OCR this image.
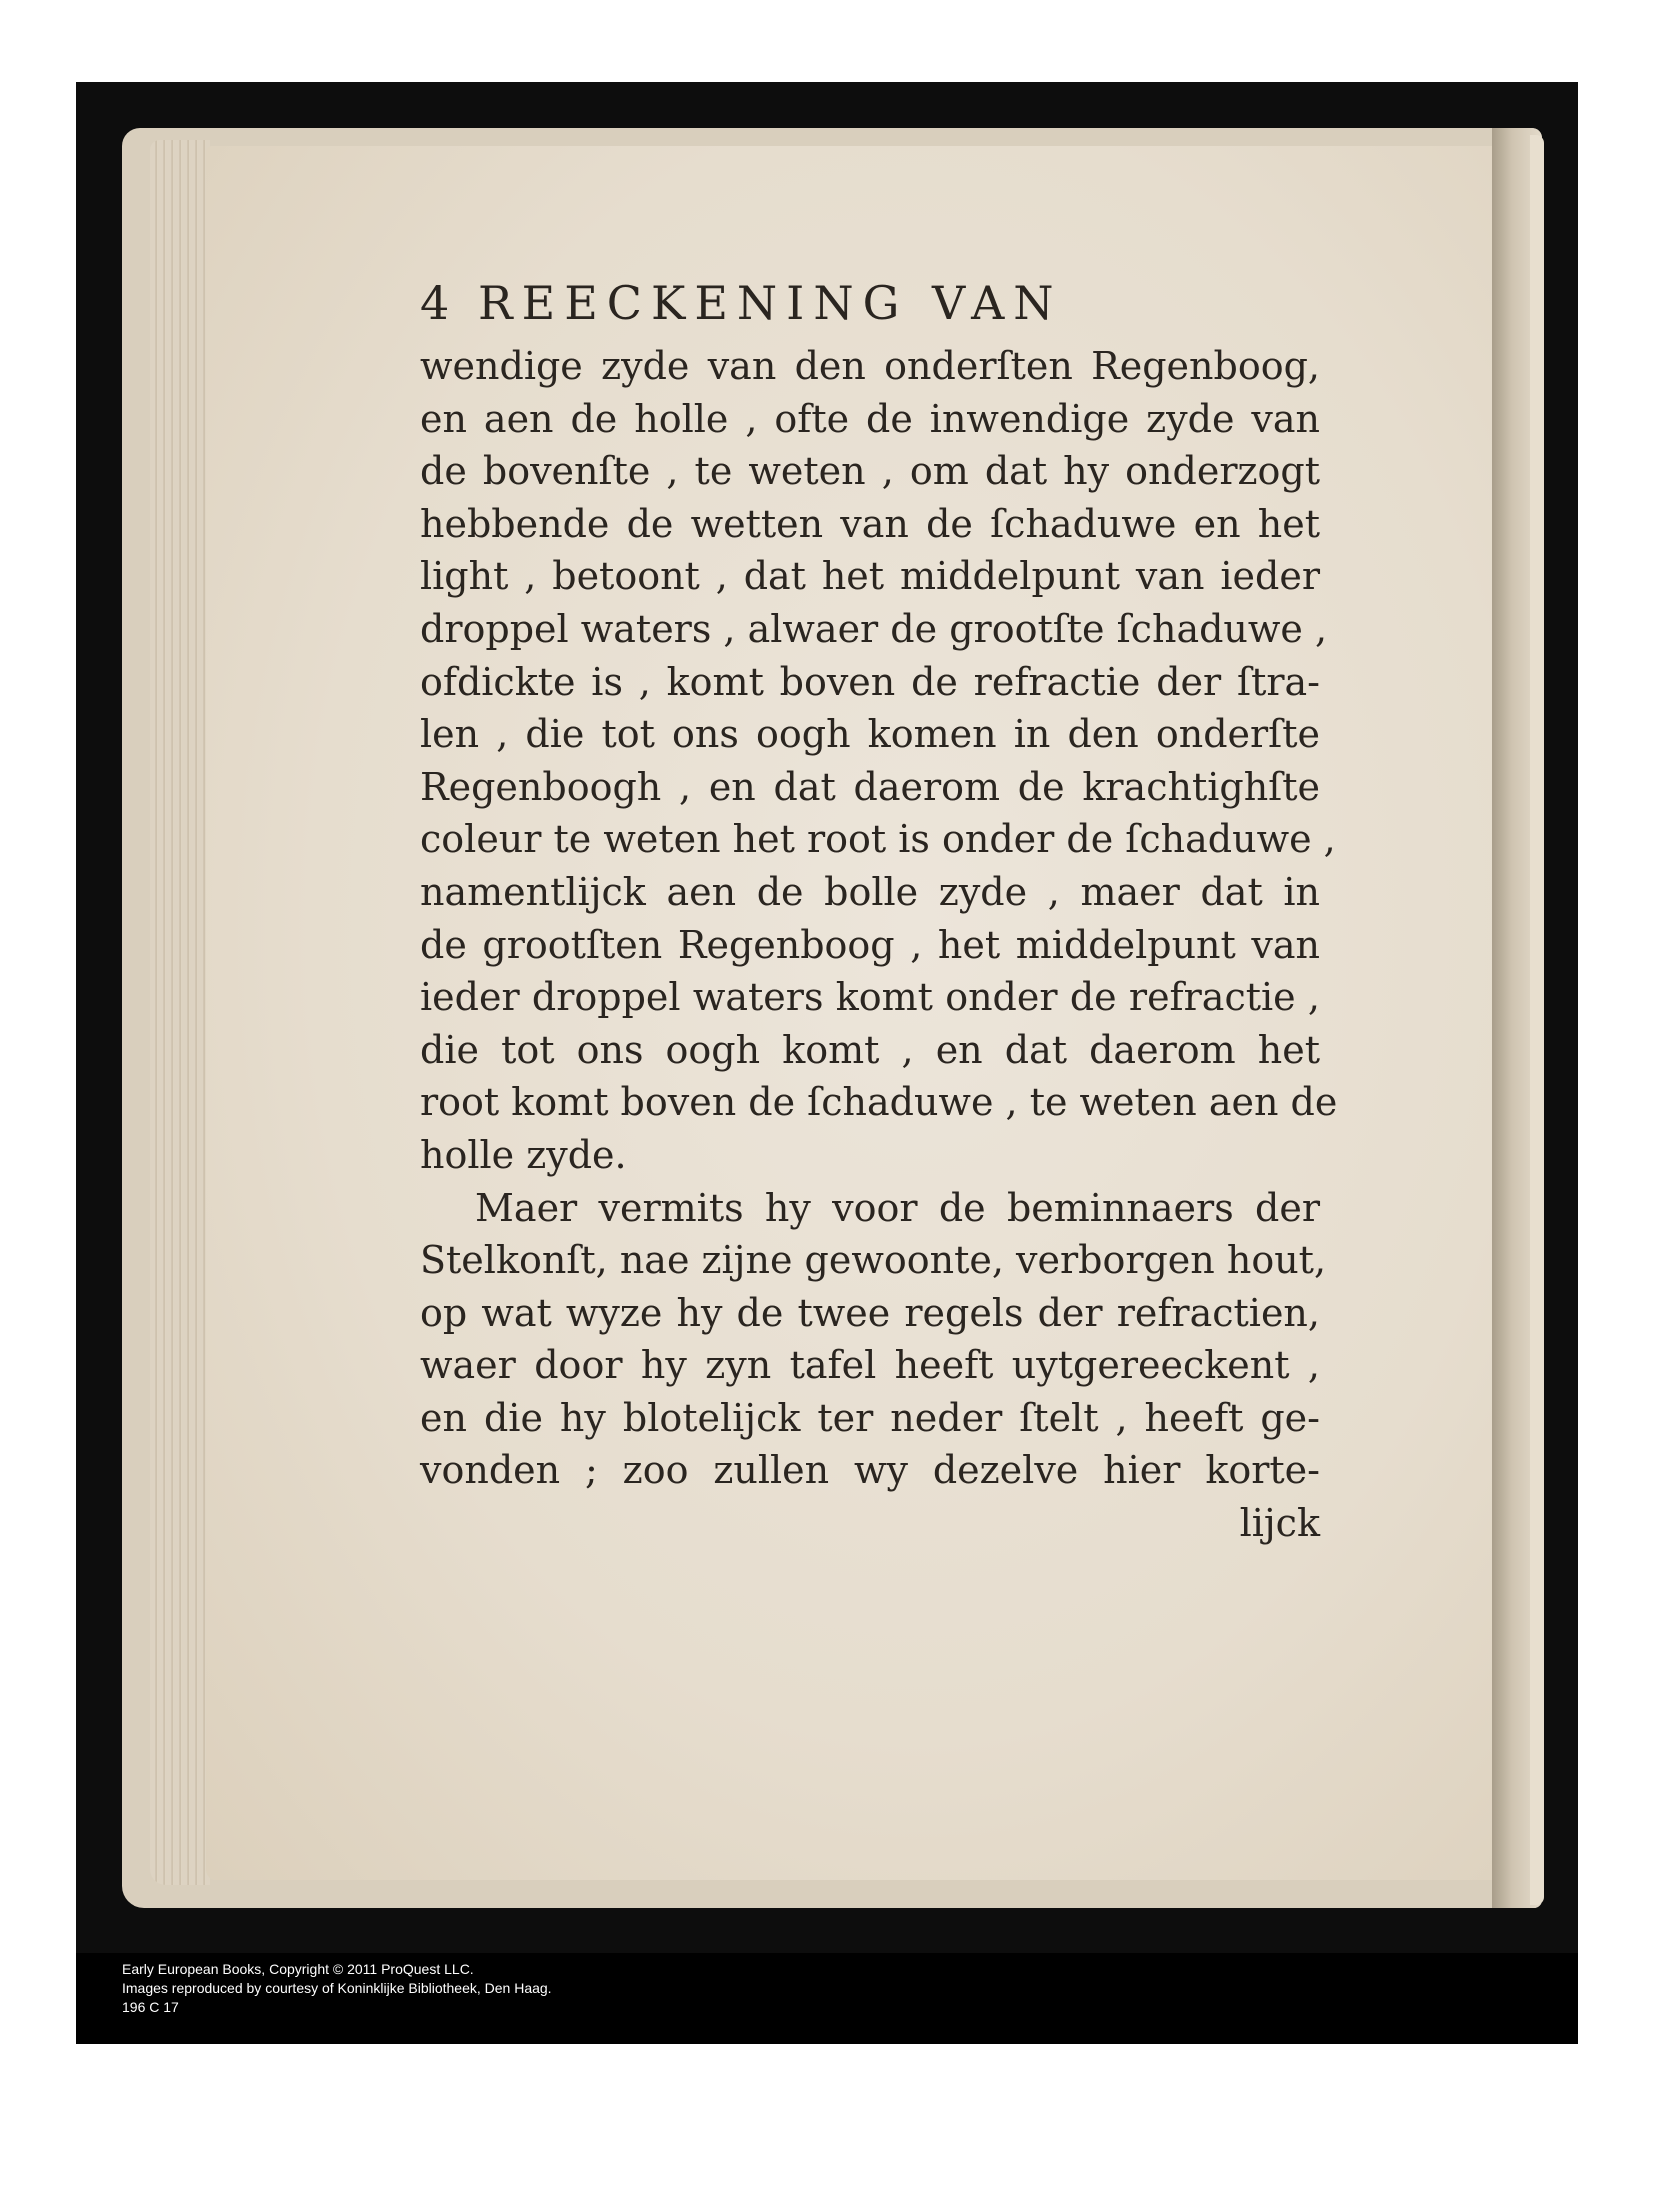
4 REECKENING VAN
wendige zyde van den onderſten Regenboog,
en aen de holle , ofte de inwendige zyde van
de bovenſte , te weten , om dat hy onderzogt
hebbende de wetten van de ſchaduwe en het
light , betoont , dat het middelpunt van ieder
droppel waters , alwaer de grootſte ſchaduwe ,
ofdickte is , komt boven de refractie der ſtra-
len , die tot ons oogh komen in den onderſte
Regenboogh , en dat daerom de krachtighſte
coleur te weten het root is onder de ſchaduwe ,
namentlijck aen de bolle zyde , maer dat in
de grootſten Regenboog , het middelpunt van
ieder droppel waters komt onder de refractie ,
die tot ons oogh komt , en dat daerom het
root komt boven de ſchaduwe , te weten aen de
holle zyde.
Maer vermits hy voor de beminnaers der
Stelkonſt, nae zijne gewoonte, verborgen hout,
op wat wyze hy de twee regels der refractien,
waer door hy zyn tafel heeft uytgereeckent ,
en die hy blotelijck ter neder ſtelt , heeft ge-
vonden ; zoo zullen wy dezelve hier korte-
lijck
Early European Books, Copyright © 2011 ProQuest LLC.
Images reproduced by courtesy of Koninklijke Bibliotheek, Den Haag.
196 C 17
